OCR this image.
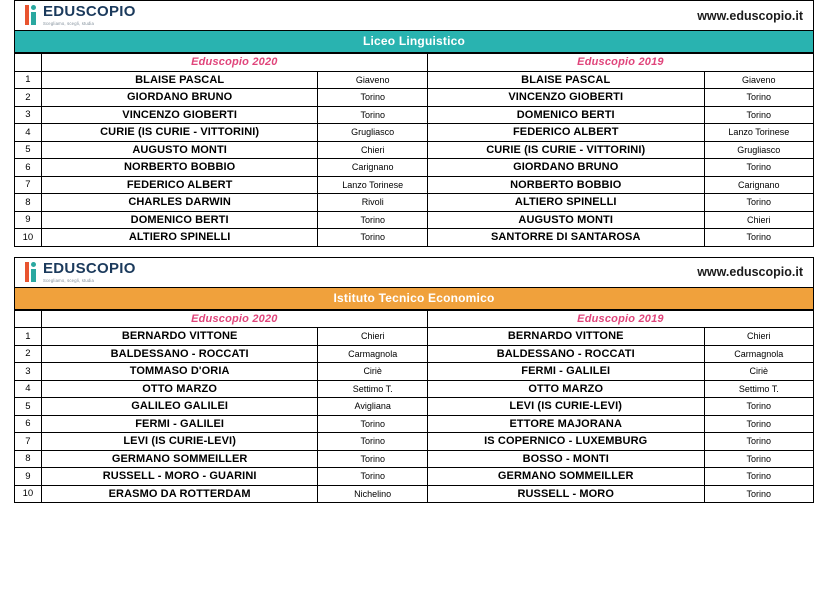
EDUSCOPIO
Scegliamo, scegli, studia
www.eduscopio.it
Liceo Linguistico
	Eduscopio 2020		Eduscopio 2019	
1	BLAISE PASCAL	Giaveno	BLAISE PASCAL	Giaveno
2	GIORDANO BRUNO	Torino	VINCENZO GIOBERTI	Torino
3	VINCENZO GIOBERTI	Torino	DOMENICO BERTI	Torino
4	CURIE (IS CURIE - VITTORINI)	Grugliasco	FEDERICO ALBERT	Lanzo Torinese
5	AUGUSTO MONTI	Chieri	CURIE (IS CURIE - VITTORINI)	Grugliasco
6	NORBERTO BOBBIO	Carignano	GIORDANO BRUNO	Torino
7	FEDERICO ALBERT	Lanzo Torinese	NORBERTO BOBBIO	Carignano
8	CHARLES DARWIN	Rivoli	ALTIERO SPINELLI	Torino
9	DOMENICO BERTI	Torino	AUGUSTO MONTI	Chieri
10	ALTIERO SPINELLI	Torino	SANTORRE DI SANTAROSA	Torino
EDUSCOPIO
Scegliamo, scegli, studia
www.eduscopio.it
Istituto Tecnico Economico
	Eduscopio 2020		Eduscopio 2019	
1	BERNARDO VITTONE	Chieri	BERNARDO VITTONE	Chieri
2	BALDESSANO - ROCCATI	Carmagnola	BALDESSANO - ROCCATI	Carmagnola
3	TOMMASO D'ORIA	Ciriè	FERMI - GALILEI	Ciriè
4	OTTO MARZO	Settimo T.	OTTO MARZO	Settimo T.
5	GALILEO GALILEI	Avigliana	LEVI (IS CURIE-LEVI)	Torino
6	FERMI - GALILEI	Torino	ETTORE MAJORANA	Torino
7	LEVI (IS CURIE-LEVI)	Torino	IS COPERNICO - LUXEMBURG	Torino
8	GERMANO SOMMEILLER	Torino	BOSSO - MONTI	Torino
9	RUSSELL - MORO - GUARINI	Torino	GERMANO SOMMEILLER	Torino
10	ERASMO DA ROTTERDAM	Nichelino	RUSSELL - MORO	Torino
